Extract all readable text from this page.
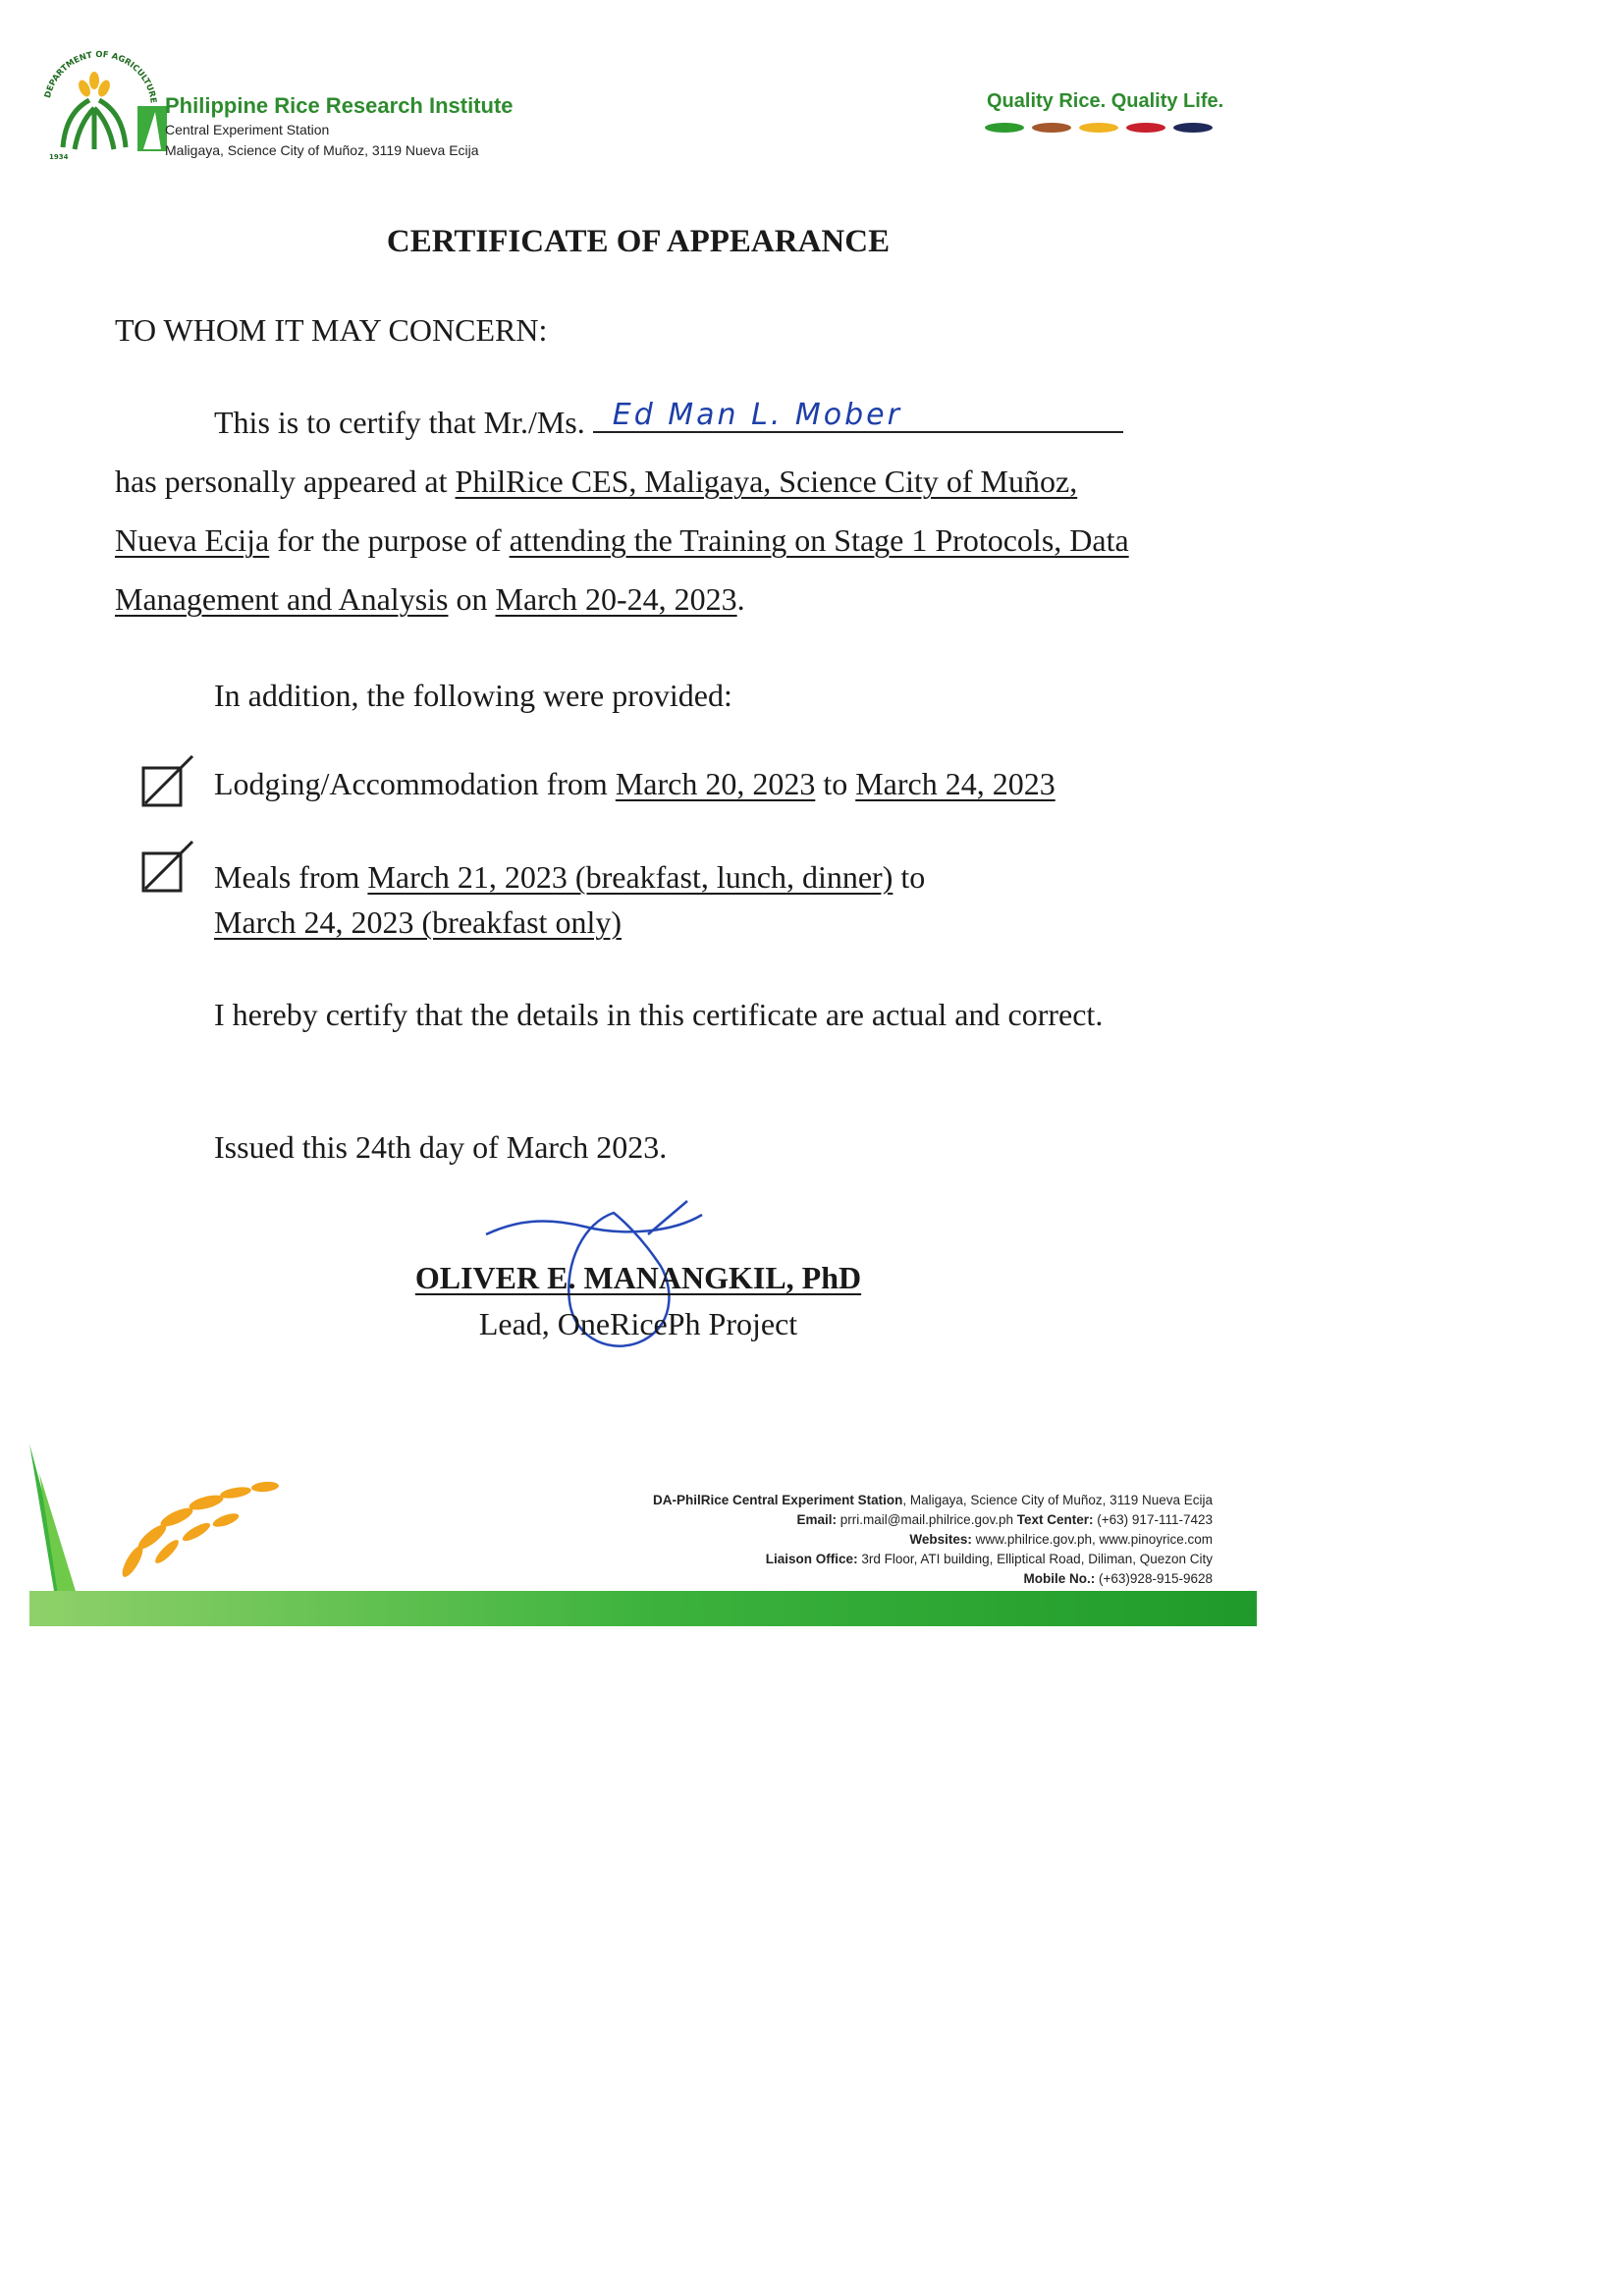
DEPARTMENT OF AGRICULTURE
1934
Philippine Rice Research Institute
Central Experiment Station
Maligaya, Science City of Muñoz, 3119 Nueva Ecija
Quality Rice. Quality Life.
CERTIFICATE OF APPEARANCE
TO WHOM IT MAY CONCERN:
This is to certify that Mr./Ms. Ed Man L. Mober
has personally appeared at PhilRice CES, Maligaya, Science City of Muñoz, Nueva Ecija for the purpose of attending the Training on Stage 1 Protocols, Data Management and Analysis on March 20-24, 2023.
In addition, the following were provided:
Lodging/Accommodation from March 20, 2023 to March 24, 2023
Meals from March 21, 2023 (breakfast, lunch, dinner) to
March 24, 2023 (breakfast only)
I hereby certify that the details in this certificate are actual and correct.
Issued this 24th day of March 2023.
OLIVER E. MANANGKIL, PhD
Lead, OneRicePh Project
DA-PhilRice Central Experiment Station, Maligaya, Science City of Muñoz, 3119 Nueva Ecija
Email: prri.mail@mail.philrice.gov.ph Text Center: (+63) 917-111-7423
Websites: www.philrice.gov.ph, www.pinoyrice.com
Liaison Office: 3rd Floor, ATI building, Elliptical Road, Diliman, Quezon City
Mobile No.: (+63)928-915-9628
